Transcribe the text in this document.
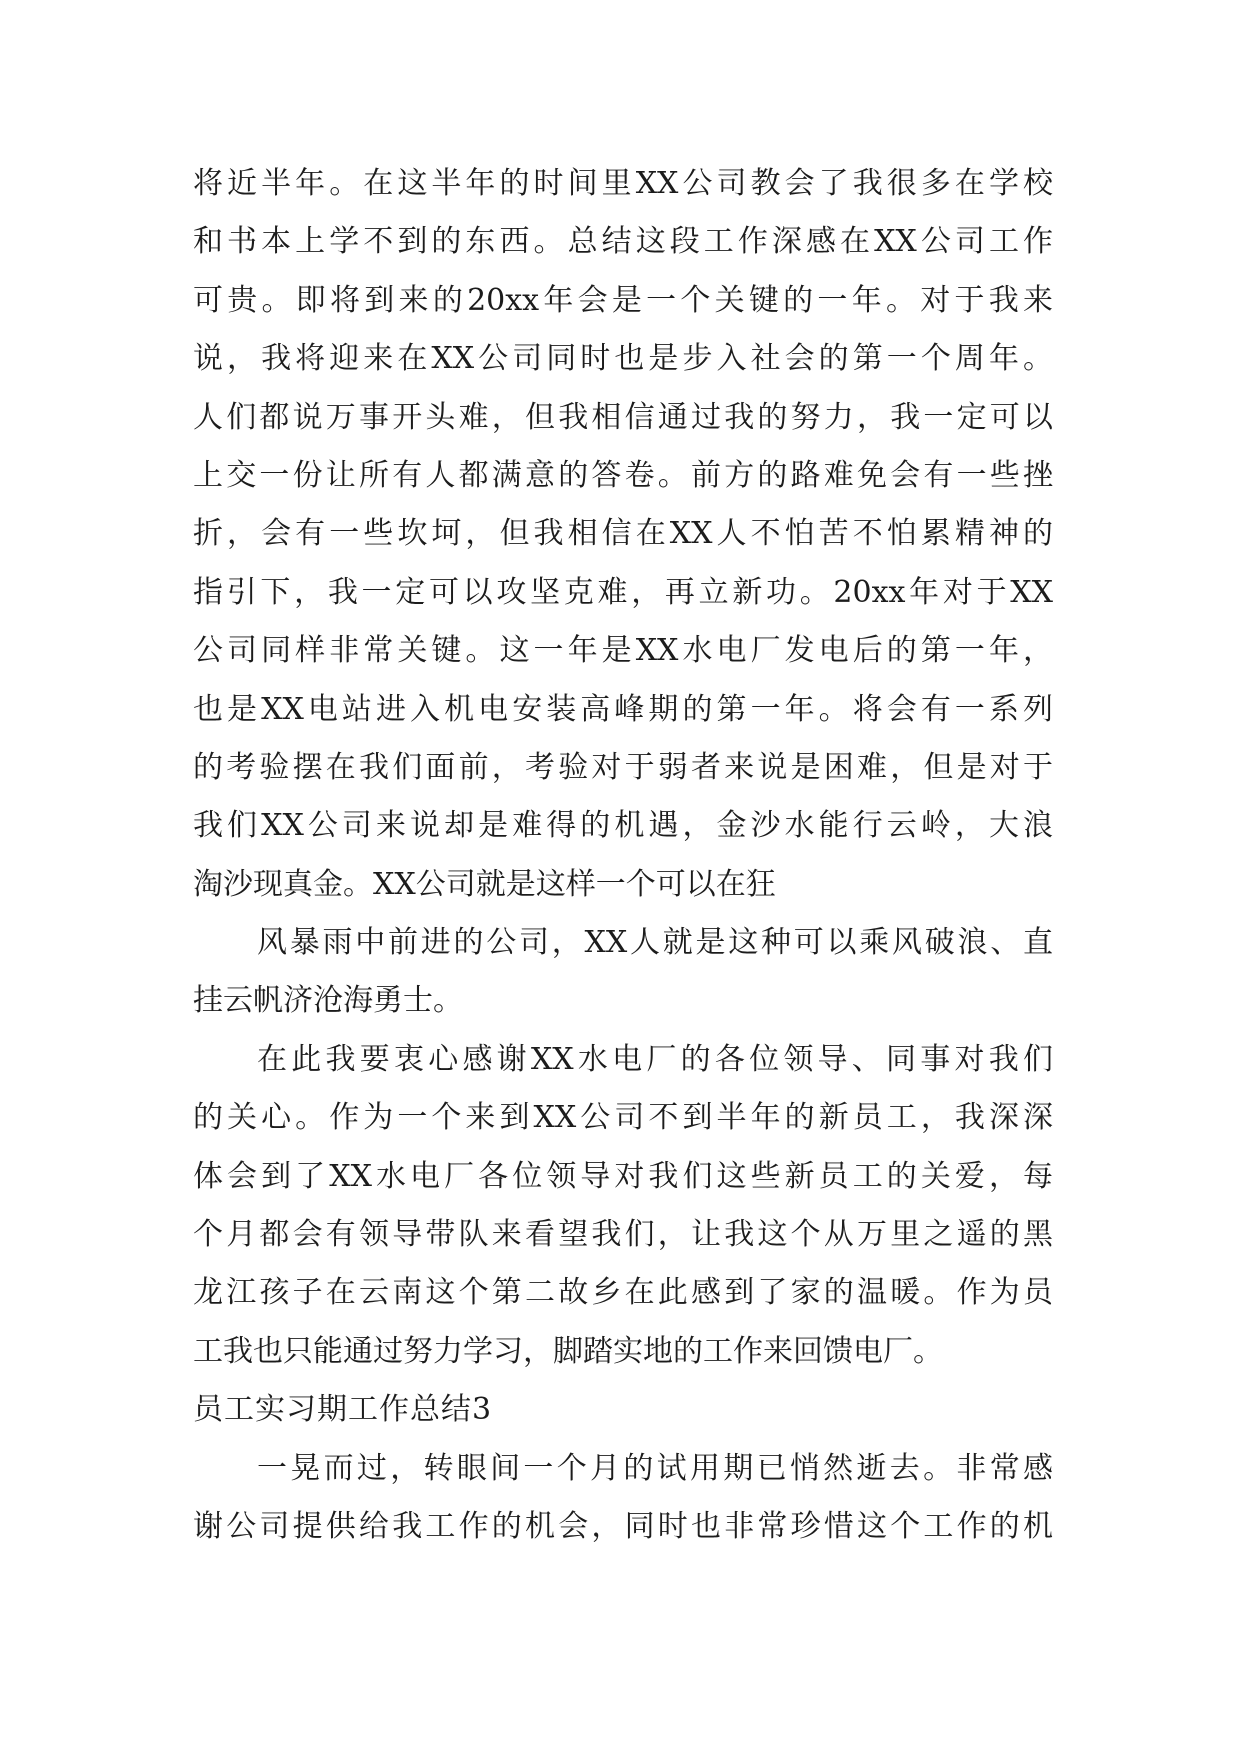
将近半年。在这半年的时间里XX公司教会了我很多在学校
和书本上学不到的东西。总结这段工作深感在XX公司工作
可贵。即将到来的20xx年会是一个关键的一年。对于我来
说，我将迎来在XX公司同时也是步入社会的第一个周年。
人们都说万事开头难，但我相信通过我的努力，我一定可以
上交一份让所有人都满意的答卷。前方的路难免会有一些挫
折，会有一些坎坷，但我相信在XX人不怕苦不怕累精神的
指引下，我一定可以攻坚克难，再立新功。20xx年对于XX
公司同样非常关键。这一年是XX水电厂发电后的第一年，
也是XX电站进入机电安装高峰期的第一年。将会有一系列
的考验摆在我们面前，考验对于弱者来说是困难，但是对于
我们XX公司来说却是难得的机遇，金沙水能行云岭，大浪
淘沙现真金。XX公司就是这样一个可以在狂
风暴雨中前进的公司，XX人就是这种可以乘风破浪、直
挂云帆济沧海勇士。
在此我要衷心感谢XX水电厂的各位领导、同事对我们
的关心。作为一个来到XX公司不到半年的新员工，我深深
体会到了XX水电厂各位领导对我们这些新员工的关爱，每
个月都会有领导带队来看望我们，让我这个从万里之遥的黑
龙江孩子在云南这个第二故乡在此感到了家的温暖。作为员
工我也只能通过努力学习，脚踏实地的工作来回馈电厂。
员工实习期工作总结3
一晃而过，转眼间一个月的试用期已悄然逝去。非常感
谢公司提供给我工作的机会，同时也非常珍惜这个工作的机
